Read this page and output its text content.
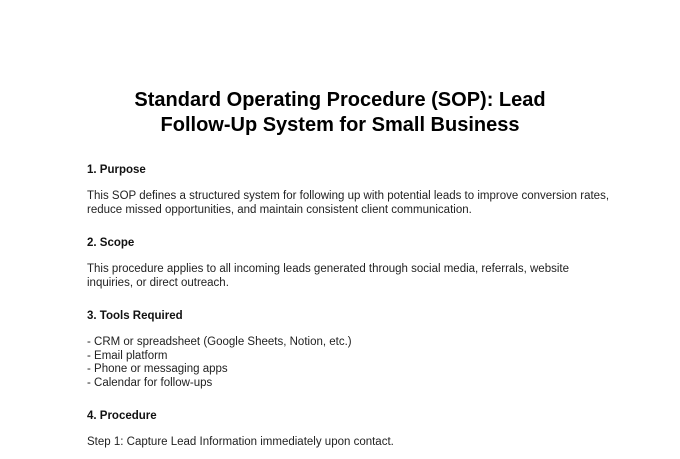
Standard Operating Procedure (SOP): Lead
Follow-Up System for Small Business
1. Purpose
This SOP defines a structured system for following up with potential leads to improve conversion rates,
reduce missed opportunities, and maintain consistent client communication.
2. Scope
This procedure applies to all incoming leads generated through social media, referrals, website
inquiries, or direct outreach.
3. Tools Required
- CRM or spreadsheet (Google Sheets, Notion, etc.)
- Email platform
- Phone or messaging apps
- Calendar for follow-ups
4. Procedure
Step 1: Capture Lead Information immediately upon contact.
